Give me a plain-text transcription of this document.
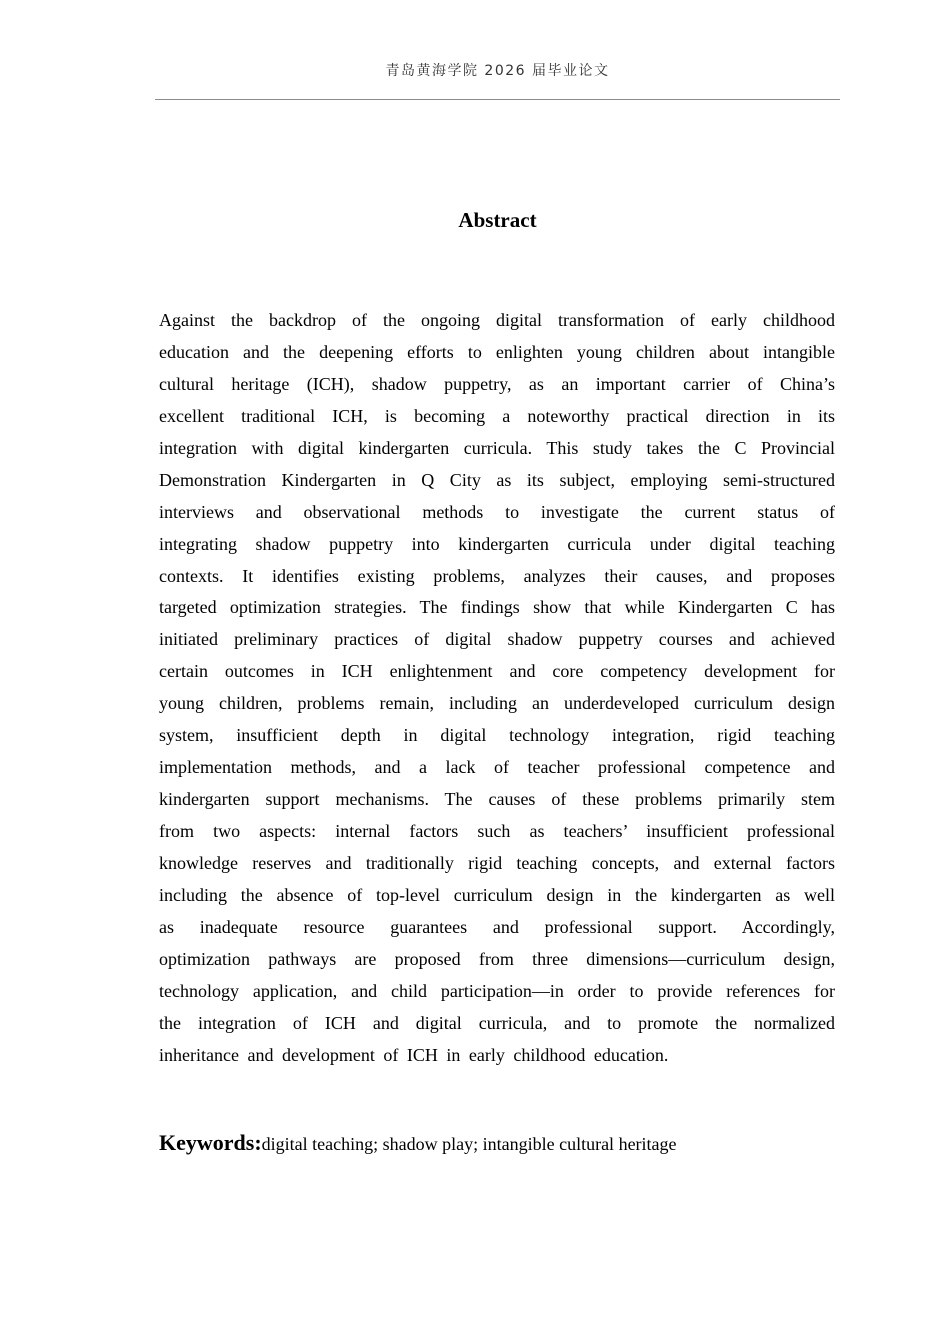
青岛黄海学院 2026 届毕业论文
Abstract
Against the backdrop of the ongoing digital transformation of early childhood
education and the deepening efforts to enlighten young children about intangible
cultural heritage (ICH), shadow puppetry, as an important carrier of China’s
excellent traditional ICH, is becoming a noteworthy practical direction in its
integration with digital kindergarten curricula. This study takes the C Provincial
Demonstration Kindergarten in Q City as its subject, employing semi-structured
interviews and observational methods to investigate the current status of
integrating shadow puppetry into kindergarten curricula under digital teaching
contexts. It identifies existing problems, analyzes their causes, and proposes
targeted optimization strategies. The findings show that while Kindergarten C has
initiated preliminary practices of digital shadow puppetry courses and achieved
certain outcomes in ICH enlightenment and core competency development for
young children, problems remain, including an underdeveloped curriculum design
system, insufficient depth in digital technology integration, rigid teaching
implementation methods, and a lack of teacher professional competence and
kindergarten support mechanisms. The causes of these problems primarily stem
from two aspects: internal factors such as teachers’ insufficient professional
knowledge reserves and traditionally rigid teaching concepts, and external factors
including the absence of top-level curriculum design in the kindergarten as well
as inadequate resource guarantees and professional support. Accordingly,
optimization pathways are proposed from three dimensions—curriculum design,
technology application, and child participation—in order to provide references for
the integration of ICH and digital curricula, and to promote the normalized
inheritance and development of ICH in early childhood education.
Keywords:digital teaching; shadow play; intangible cultural heritage
